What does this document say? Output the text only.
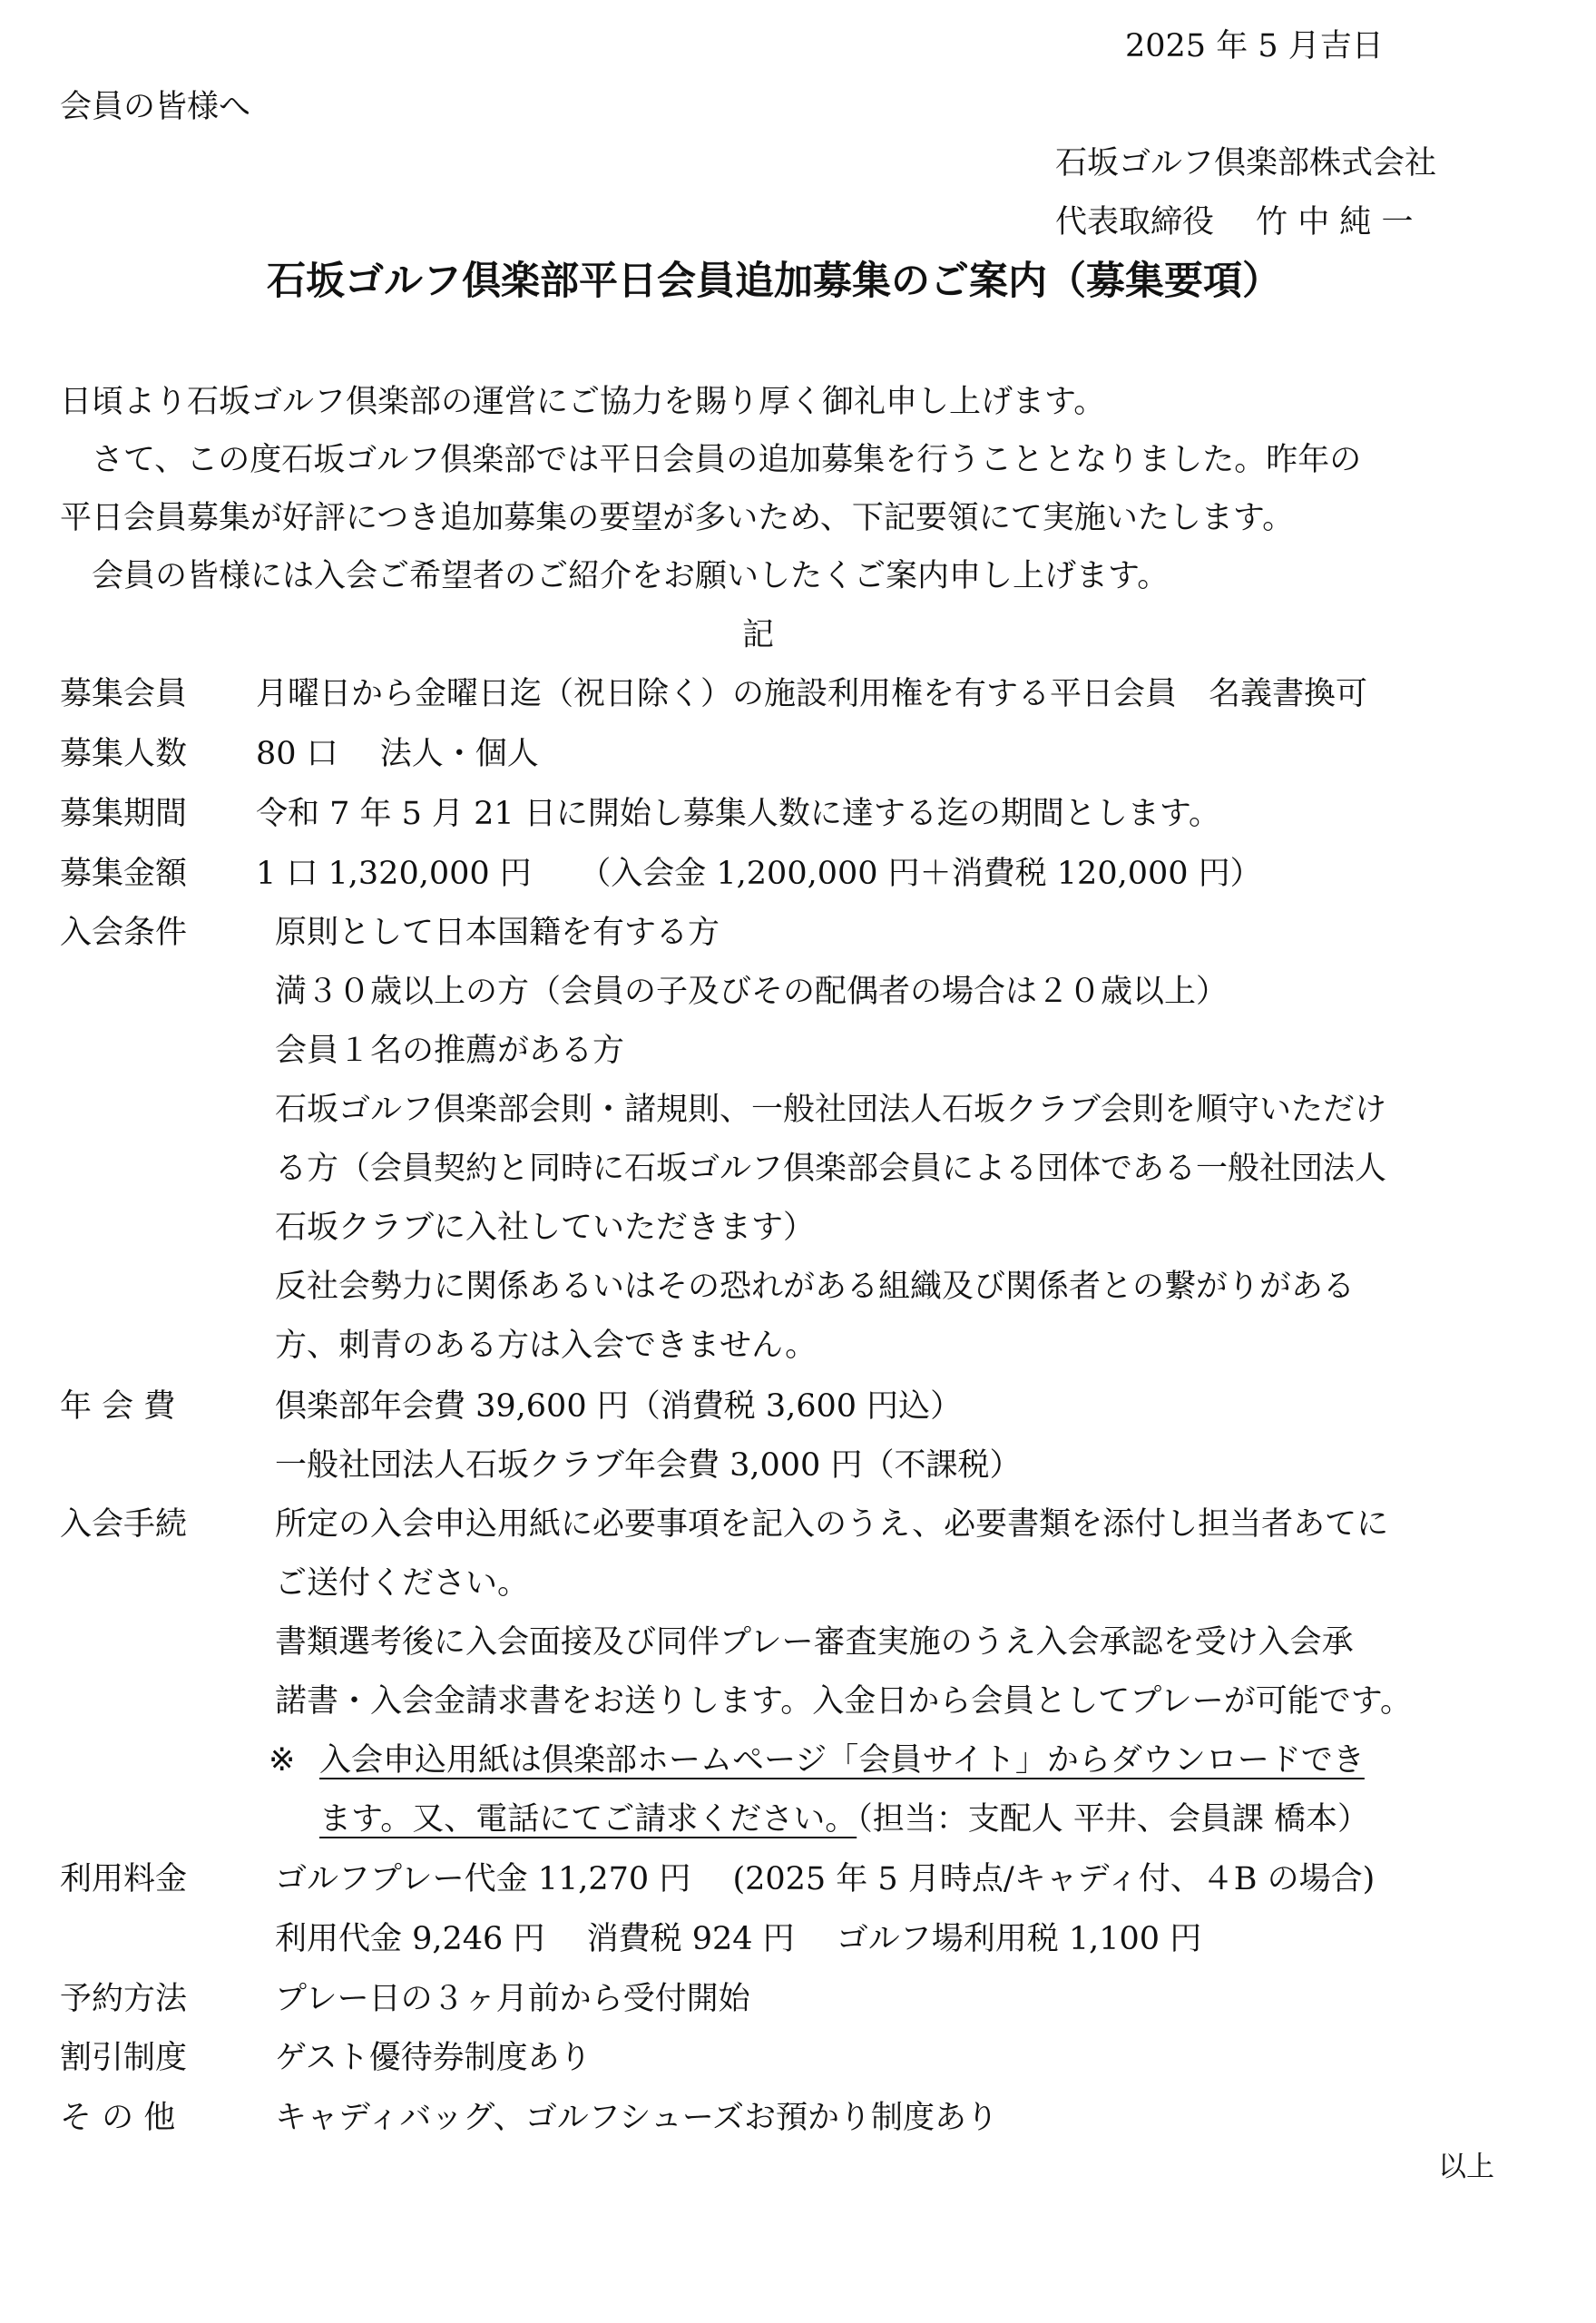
2025 年 5 月吉日
会員の皆様へ
石坂ゴルフ倶楽部株式会社
代表取締役　 竹 中 純 一
石坂ゴルフ倶楽部平日会員追加募集のご案内（募集要項）
日頃より石坂ゴルフ倶楽部の運営にご協力を賜り厚く御礼申し上げます。
　さて、この度石坂ゴルフ倶楽部では平日会員の追加募集を行うこととなりました。昨年の
平日会員募集が好評につき追加募集の要望が多いため、下記要領にて実施いたします。
　会員の皆様には入会ご希望者のご紹介をお願いしたくご案内申し上げます。
記
募集会員 月曜日から金曜日迄（祝日除く）の施設利用権を有する平日会員　名義書換可
募集人数 80 口　 法人・個人
募集期間 令和 7 年 5 月 21 日に開始し募集人数に達する迄の期間とします。
募集金額 1 口 1,320,000 円　　（入会金 1,200,000 円＋消費税 120,000 円）
入会条件	原則として日本国籍を有する方
満３０歳以上の方（会員の子及びその配偶者の場合は２０歳以上）
会員１名の推薦がある方
石坂ゴルフ倶楽部会則・諸規則、一般社団法人石坂クラブ会則を順守いただけ
る方（会員契約と同時に石坂ゴルフ倶楽部会員による団体である一般社団法人
石坂クラブに入社していただきます）
反社会勢力に関係あるいはその恐れがある組織及び関係者との繋がりがある
方、刺青のある方は入会できません。
年 会 費	倶楽部年会費 39,600 円（消費税 3,600 円込）
一般社団法人石坂クラブ年会費 3,000 円（不課税）
入会手続	所定の入会申込用紙に必要事項を記入のうえ、必要書類を添付し担当者あてに
ご送付ください。
書類選考後に入会面接及び同伴プレー審査実施のうえ入会承認を受け入会承
諾書・入会金請求書をお送りします。入金日から会員としてプレーが可能です。
※ 入会申込用紙は倶楽部ホームページ「会員サイト」からダウンロードでき
ます。又、電話にてご請求ください。（担当：支配人 平井、会員課 橋本）
利用料金	ゴルフプレー代金 11,270 円　 (2025 年 5 月時点/キャディ付、４B の場合)
利用代金 9,246 円　 消費税 924 円　 ゴルフ場利用税 1,100 円
予約方法	プレー日の３ヶ月前から受付開始
割引制度	ゲスト優待券制度あり
そ の 他	キャディバッグ、ゴルフシューズお預かり制度あり
以上
